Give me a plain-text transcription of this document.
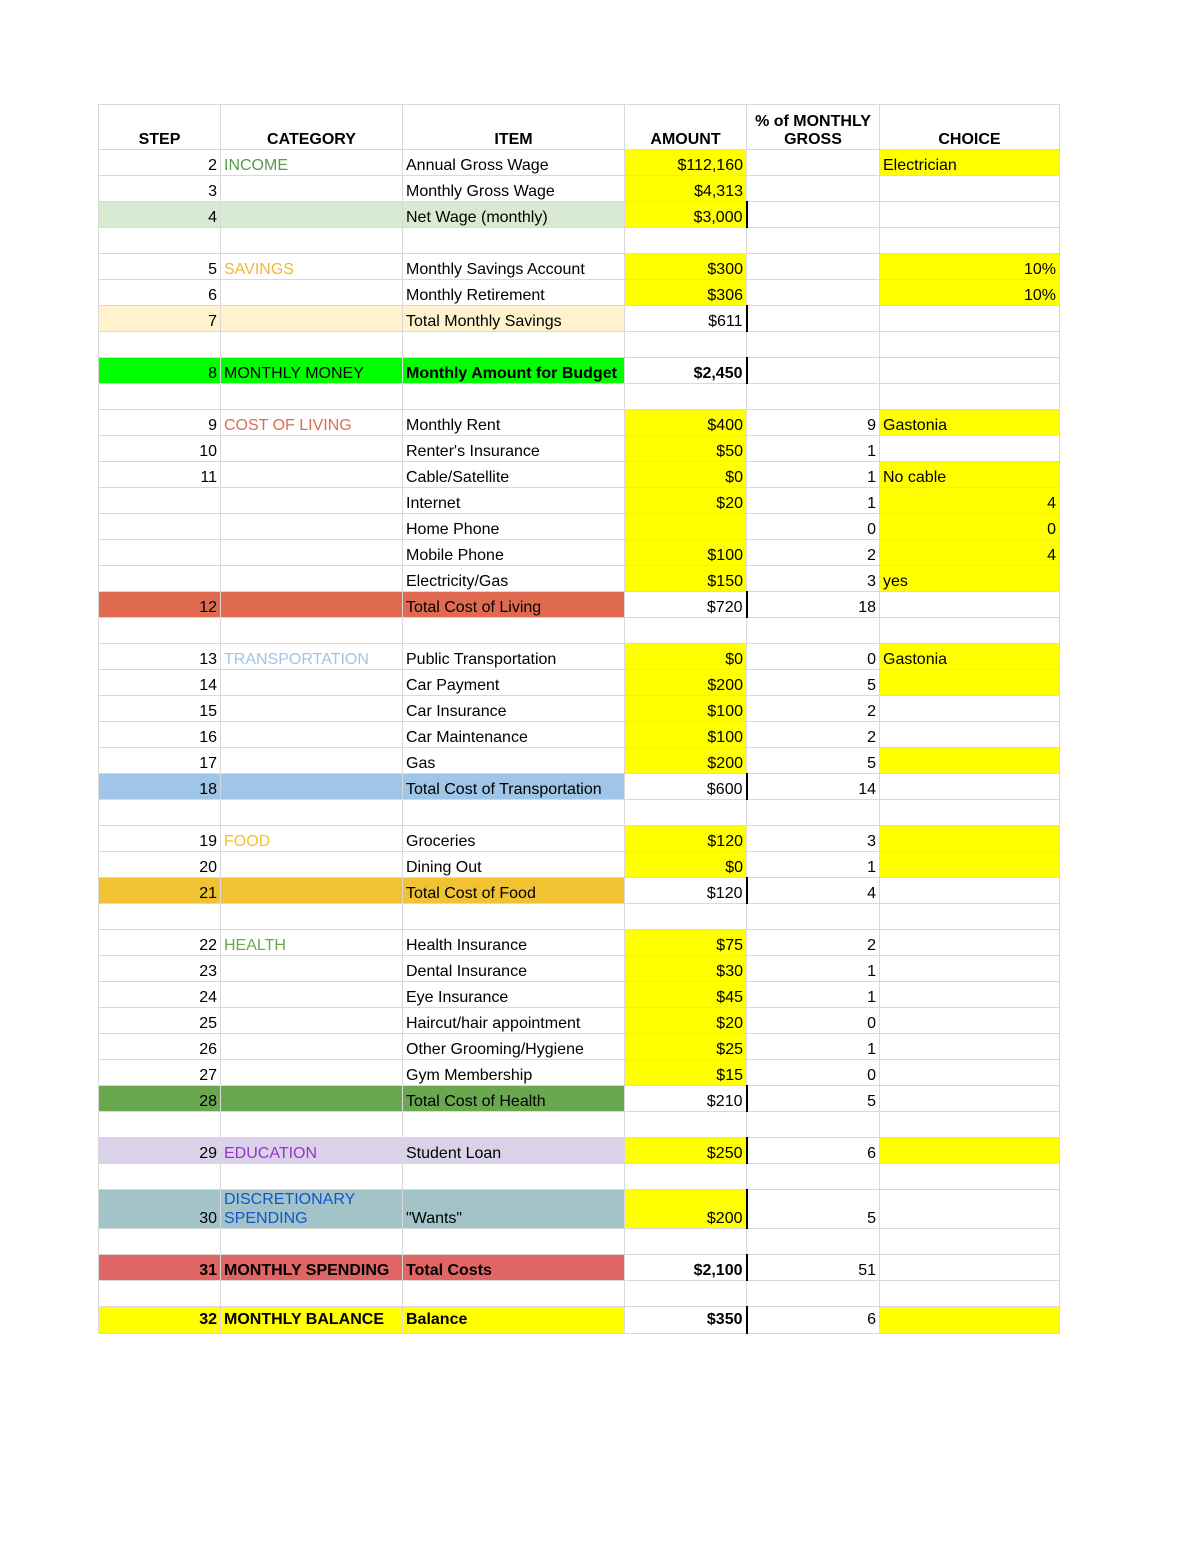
STEP	CATEGORY	ITEM	AMOUNT	% of MONTHLY GROSS	CHOICE
2	INCOME	Annual Gross Wage	$112,160		Electrician
3		Monthly Gross Wage	$4,313		
4		Net Wage (monthly)	$3,000		

5	SAVINGS	Monthly Savings Account	$300		10%
6		Monthly Retirement	$306		10%
7		Total Monthly Savings	$611		

8	MONTHLY MONEY	Monthly Amount for Budget	$2,450		

9	COST OF LIVING	Monthly Rent	$400	9	Gastonia
10		Renter's Insurance	$50	1	
11		Cable/Satellite	$0	1	No cable
		Internet	$20	1	4
		Home Phone		0	0
		Mobile Phone	$100	2	4
		Electricity/Gas	$150	3	yes
12		Total Cost of Living	$720	18	

13	TRANSPORTATION	Public Transportation	$0	0	Gastonia
14		Car Payment	$200	5	
15		Car Insurance	$100	2	
16		Car Maintenance	$100	2	
17		Gas	$200	5	
18		Total Cost of Transportation	$600	14	

19	FOOD	Groceries	$120	3	
20		Dining Out	$0	1	
21		Total Cost of Food	$120	4	

22	HEALTH	Health Insurance	$75	2	
23		Dental Insurance	$30	1	
24		Eye Insurance	$45	1	
25		Haircut/hair appointment	$20	0	
26		Other Grooming/Hygiene	$25	1	
27		Gym Membership	$15	0	
28		Total Cost of Health	$210	5	

29	EDUCATION	Student Loan	$250	6	

30	DISCRETIONARY SPENDING	"Wants"	$200	5	

31	MONTHLY SPENDING	Total Costs	$2,100	51	

32	MONTHLY BALANCE	Balance	$350	6	
